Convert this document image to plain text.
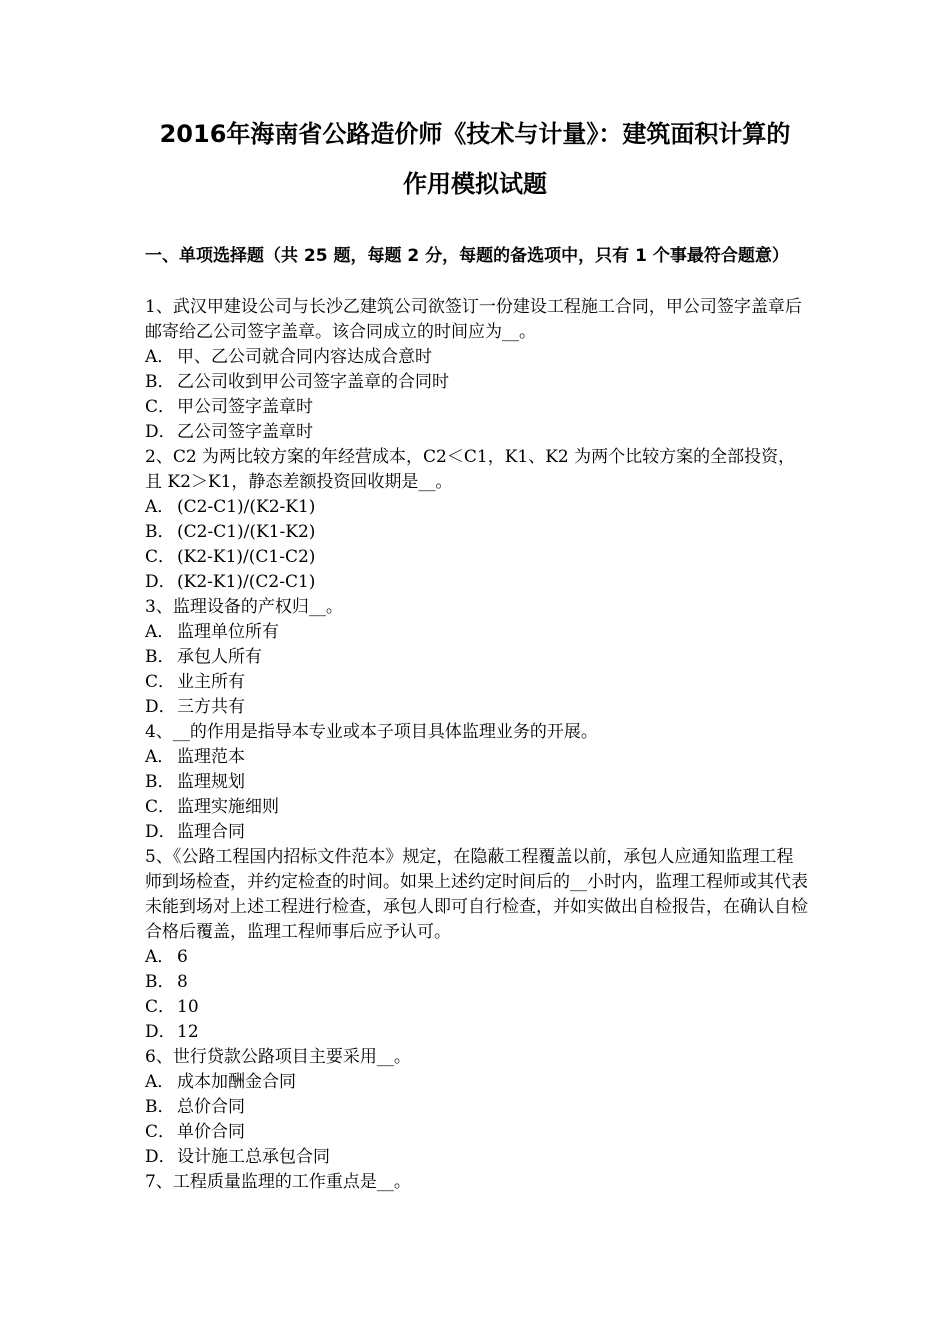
2016年海南省公路造价师《技术与计量》：建筑面积计算的
作用模拟试题
一、单项选择题（共 25 题，每题 2 分，每题的备选项中，只有 1 个事最符合题意）

1、武汉甲建设公司与长沙乙建筑公司欲签订一份建设工程施工合同，甲公司签字盖章后邮寄给乙公司签字盖章。该合同成立的时间应为__。

A． 甲、乙公司就合同内容达成合意时

B． 乙公司收到甲公司签字盖章的合同时

C． 甲公司签字盖章时

D．乙公司签字盖章时

2、C2 为两比较方案的年经营成本，C2＜C1，K1、K2 为两个比较方案的全部投资，且 K2＞K1，静态差额投资回收期是__。

A． (C2-C1)/(K2-K1)

B． (C2-C1)/(K1-K2)

C． (K2-K1)/(C1-C2)

D．(K2-K1)/(C2-C1)

3、监理设备的产权归__。

A． 监理单位所有

B． 承包人所有

C． 业主所有

D．三方共有

4、__的作用是指导本专业或本子项目具体监理业务的开展。

A． 监理范本

B． 监理规划

C． 监理实施细则

D．监理合同

5、《公路工程国内招标文件范本》规定，在隐蔽工程覆盖以前，承包人应通知监理工程师到场检查，并约定检查的时间。如果上述约定时间后的__小时内，监理工程师或其代表未能到场对上述工程进行检查，承包人即可自行检查，并如实做出自检报告，在确认自检合格后覆盖，监理工程师事后应予认可。

A． 6

B． 8

C． 10

D．12

6、世行贷款公路项目主要采用__。

A． 成本加酬金合同

B． 总价合同

C． 单价合同

D．设计施工总承包合同

7、工程质量监理的工作重点是__。
